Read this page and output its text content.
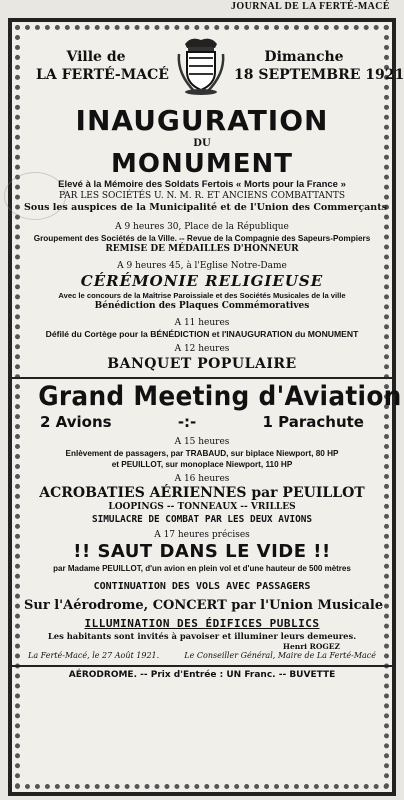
JOURNAL DE LA FERTÉ-MACÉ
Ville de
LA FERTÉ-MACÉ
Dimanche
18 SEPTEMBRE 1921
INAUGURATION
DU
MONUMENT
Elevé à la Mémoire des Soldats Fertois « Morts pour la France »
PAR LES SOCIÉTÉS U. N. M. R. ET ANCIENS COMBATTANTS
Sous les auspices de la Municipalité et de l'Union des Commerçants
A 9 heures 30, Place de la République
Groupement des Sociétés de la Ville. -- Revue de la Compagnie des Sapeurs-Pompiers
REMISE DE MÉDAILLES D'HONNEUR
A 9 heures 45, à l'Eglise Notre-Dame
CÉRÉMONIE RELIGIEUSE
Avec le concours de la Maîtrise Paroissiale et des Sociétés Musicales de la ville
Bénédiction des Plaques Commémoratives
A 11 heures
Défilé du Cortège pour la BÉNÉDICTION et l'INAUGURATION du MONUMENT
A 12 heures
BANQUET POPULAIRE
Grand Meeting d'Aviation
2 Avions	-:-	1 Parachute
A 15 heures
Enlèvement de passagers, par TRABAUD, sur biplace Niewport, 80 HP
et PEUILLOT, sur monoplace Niewport, 110 HP
A 16 heures
ACROBATIES AÉRIENNES par PEUILLOT
LOOPINGS -- TONNEAUX -- VRILLES
SIMULACRE DE COMBAT PAR LES DEUX AVIONS
A 17 heures précises
!! SAUT DANS LE VIDE !!
par Madame PEUILLOT, d'un avion en plein vol et d'une hauteur de 500 mètres
CONTINUATION DES VOLS AVEC PASSAGERS
Sur l'Aérodrome, CONCERT par l'Union Musicale
ILLUMINATION DES ÉDIFICES PUBLICS
Les habitants sont invités à pavoiser et illuminer leurs demeures.
Henri ROGEZ
La Ferté-Macé, le 27 Août 1921.	Le Conseiller Général, Maire de La Ferté-Macé
AÉRODROME. -- Prix d'Entrée : UN Franc. -- BUVETTE
